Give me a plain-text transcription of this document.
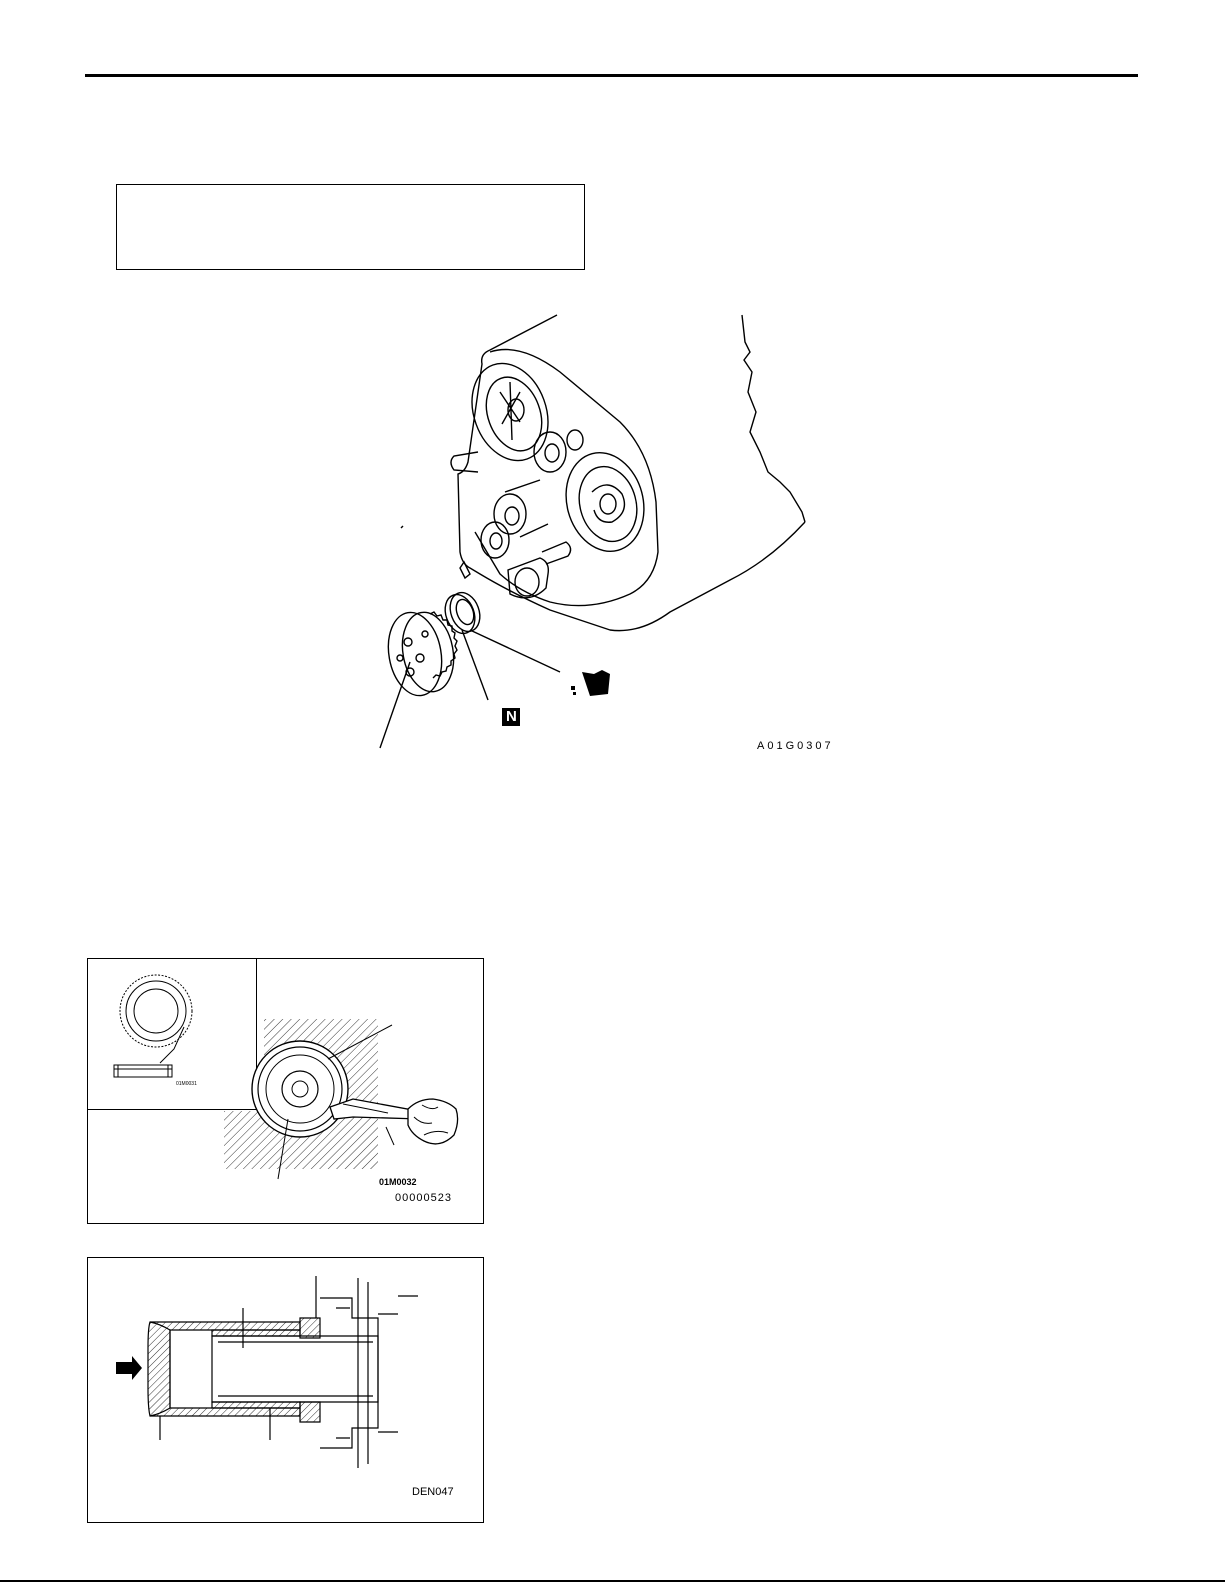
N
A01G0307
01M0031
01M0032
00000523
DEN047
